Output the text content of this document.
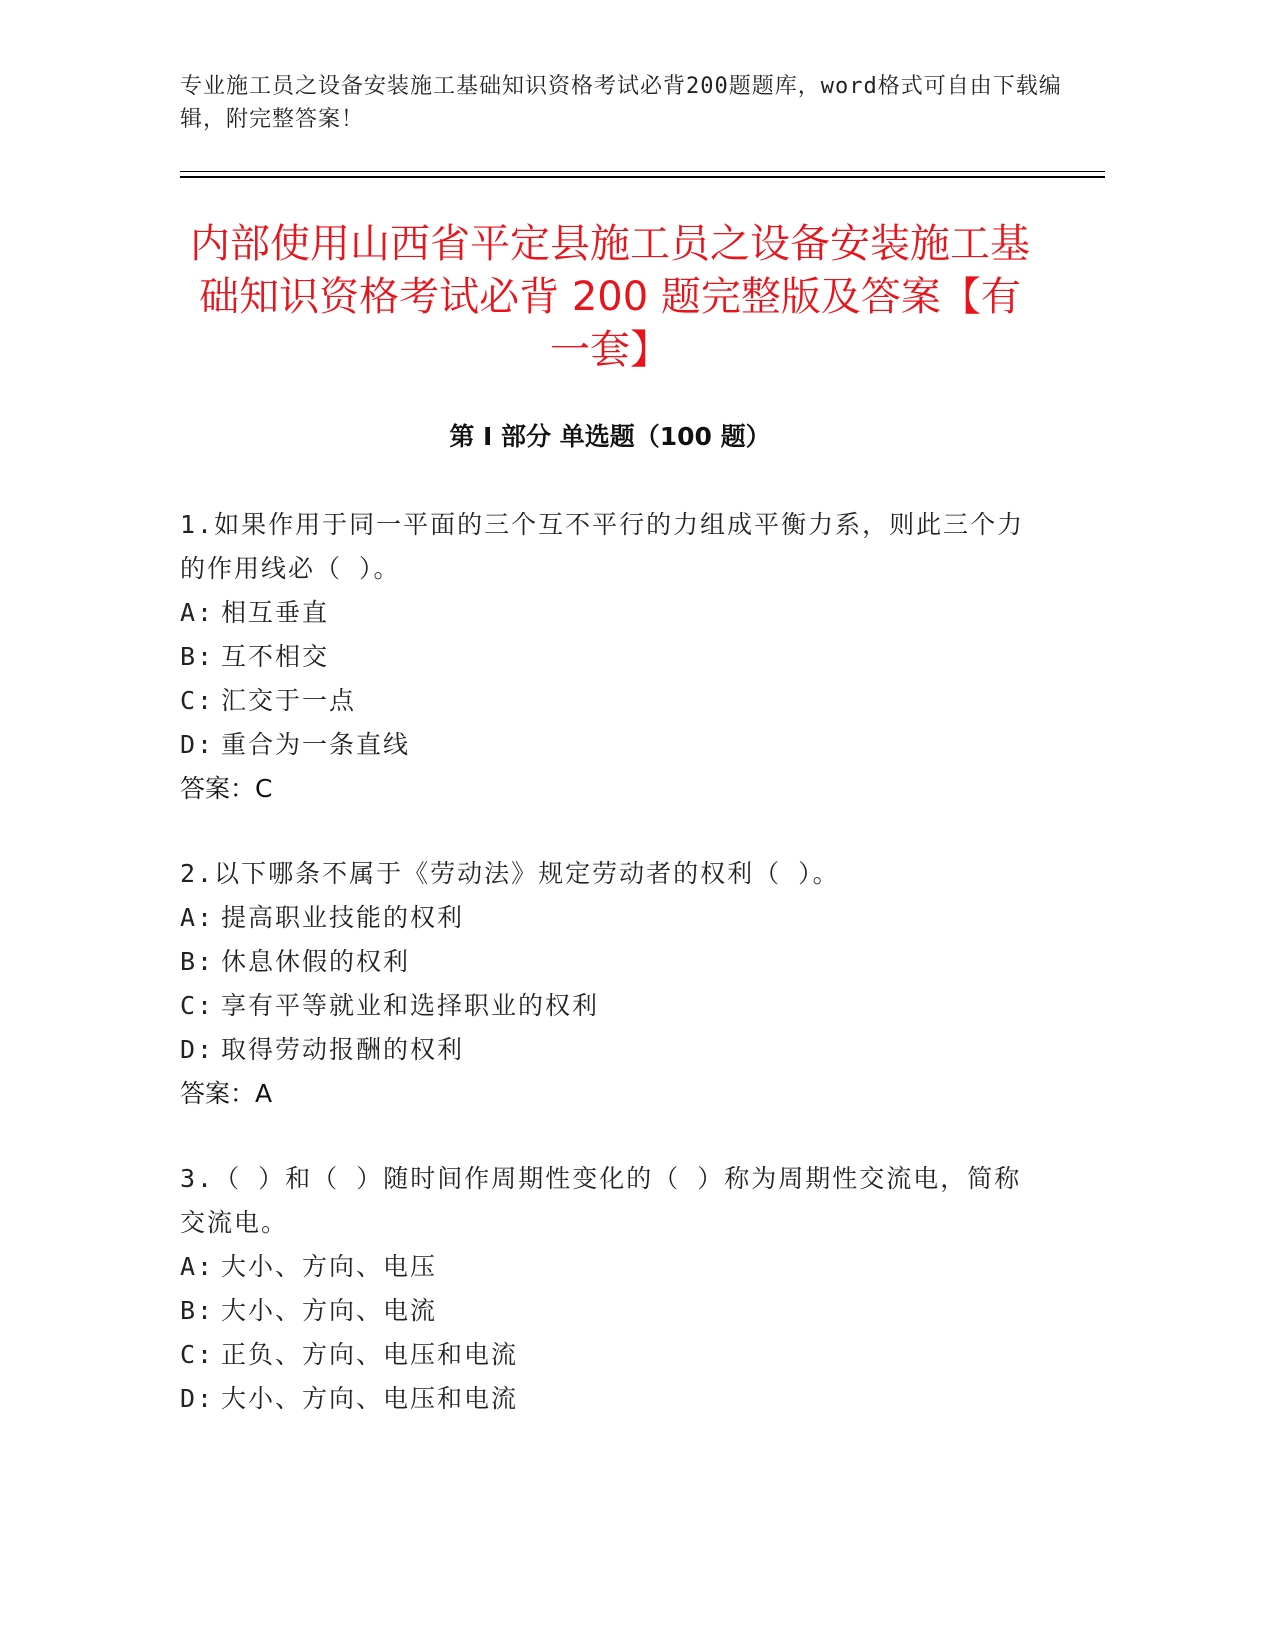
专业施工员之设备安装施工基础知识资格考试必背200题题库，word格式可自由下载编辑，附完整答案！
内部使用山西省平定县施工员之设备安装施工基础知识资格考试必背 200 题完整版及答案【有一套】
第 I 部分 单选题（100 题）

1.如果作用于同一平面的三个互不平行的力组成平衡力系，则此三个力的作用线必（ ）。

A: 相互垂直

B: 互不相交

C: 汇交于一点

D: 重合为一条直线

答案：C

2.以下哪条不属于《劳动法》规定劳动者的权利（ ）。

A: 提高职业技能的权利

B: 休息休假的权利

C: 享有平等就业和选择职业的权利

D: 取得劳动报酬的权利

答案：A

3.（ ）和（ ）随时间作周期性变化的（ ）称为周期性交流电，简称交流电。

A: 大小、方向、电压

B: 大小、方向、电流

C: 正负、方向、电压和电流

D: 大小、方向、电压和电流
